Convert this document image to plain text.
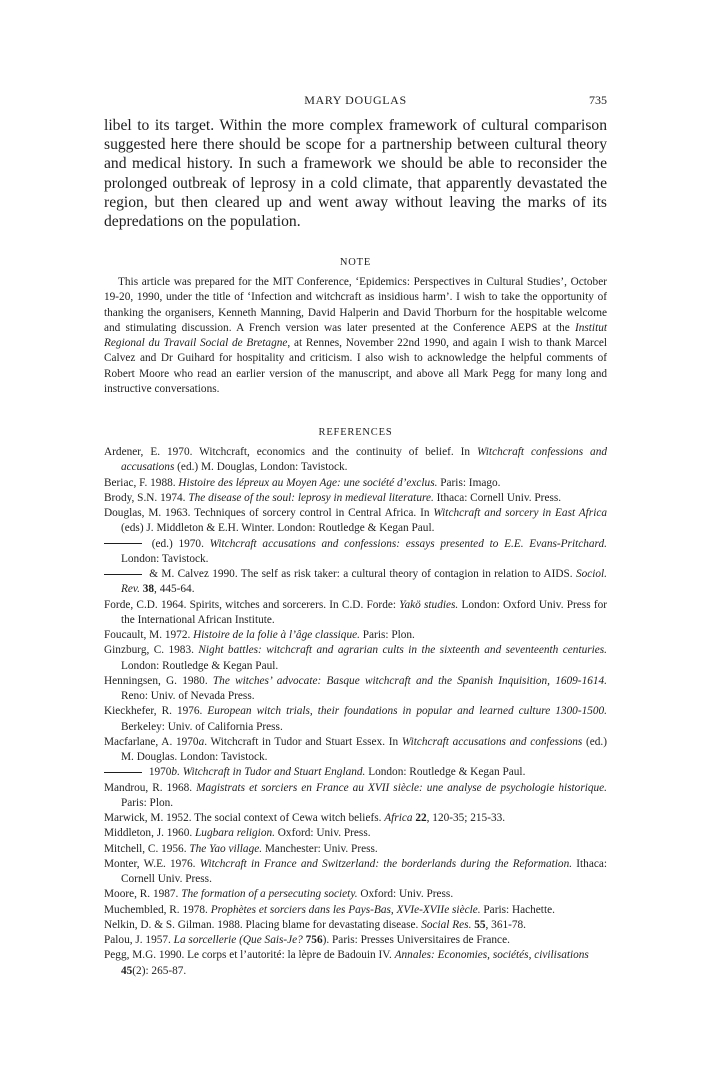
MARY DOUGLAS	735

libel to its target. Within the more complex framework of cultural comparison suggested here there should be scope for a partnership between cultural theory and medical history. In such a framework we should be able to reconsider the prolonged outbreak of leprosy in a cold climate, that apparently devastated the region, but then cleared up and went away without leaving the marks of its depredations on the population.

NOTE

This article was prepared for the MIT Conference, ‘Epidemics: Perspectives in Cultural Studies’, October 19-20, 1990, under the title of ‘Infection and witchcraft as insidious harm’. I wish to take the opportunity of thanking the organisers, Kenneth Manning, David Halperin and David Thorburn for the hospitable welcome and stimulating discussion. A French version was later presented at the Conference AEPS at the Institut Regional du Travail Social de Bretagne, at Rennes, November 22nd 1990, and again I wish to thank Marcel Calvez and Dr Guihard for hospitality and criticism. I also wish to acknowledge the helpful comments of Robert Moore who read an earlier version of the manuscript, and above all Mark Pegg for many long and instructive conversations.

REFERENCES

Ardener, E. 1970. Witchcraft, economics and the continuity of belief. In Witchcraft confessions and accusations (ed.) M. Douglas, London: Tavistock.
Beriac, F. 1988. Histoire des lépreux au Moyen Age: une société d’exclus. Paris: Imago.
Brody, S.N. 1974. The disease of the soul: leprosy in medieval literature. Ithaca: Cornell Univ. Press.
Douglas, M. 1963. Techniques of sorcery control in Central Africa. In Witchcraft and sorcery in East Africa (eds) J. Middleton & E.H. Winter. London: Routledge & Kegan Paul.
(ed.) 1970. Witchcraft accusations and confessions: essays presented to E.E. Evans-Pritchard. London: Tavistock.
& M. Calvez 1990. The self as risk taker: a cultural theory of contagion in relation to AIDS. Sociol. Rev. 38, 445-64.
Forde, C.D. 1964. Spirits, witches and sorcerers. In C.D. Forde: Yakö studies. London: Oxford Univ. Press for the International African Institute.
Foucault, M. 1972. Histoire de la folie à l’âge classique. Paris: Plon.
Ginzburg, C. 1983. Night battles: witchcraft and agrarian cults in the sixteenth and seventeenth centuries. London: Routledge & Kegan Paul.
Henningsen, G. 1980. The witches’ advocate: Basque witchcraft and the Spanish Inquisition, 1609-1614. Reno: Univ. of Nevada Press.
Kieckhefer, R. 1976. European witch trials, their foundations in popular and learned culture 1300-1500. Berkeley: Univ. of California Press.
Macfarlane, A. 1970a. Witchcraft in Tudor and Stuart Essex. In Witchcraft accusations and confessions (ed.) M. Douglas. London: Tavistock.
1970b. Witchcraft in Tudor and Stuart England. London: Routledge & Kegan Paul.
Mandrou, R. 1968. Magistrats et sorciers en France au XVII siècle: une analyse de psychologie historique. Paris: Plon.
Marwick, M. 1952. The social context of Cewa witch beliefs. Africa 22, 120-35; 215-33.
Middleton, J. 1960. Lugbara religion. Oxford: Univ. Press.
Mitchell, C. 1956. The Yao village. Manchester: Univ. Press.
Monter, W.E. 1976. Witchcraft in France and Switzerland: the borderlands during the Reformation. Ithaca: Cornell Univ. Press.
Moore, R. 1987. The formation of a persecuting society. Oxford: Univ. Press.
Muchembled, R. 1978. Prophètes et sorciers dans les Pays-Bas, XVIe-XVIIe siècle. Paris: Hachette.
Nelkin, D. & S. Gilman. 1988. Placing blame for devastating disease. Social Res. 55, 361-78.
Palou, J. 1957. La sorcellerie (Que Sais-Je? 756). Paris: Presses Universitaires de France.
Pegg, M.G. 1990. Le corps et l’autorité: la lèpre de Badouin IV. Annales: Economies, sociétés, civilisations
45(2): 265-87.
